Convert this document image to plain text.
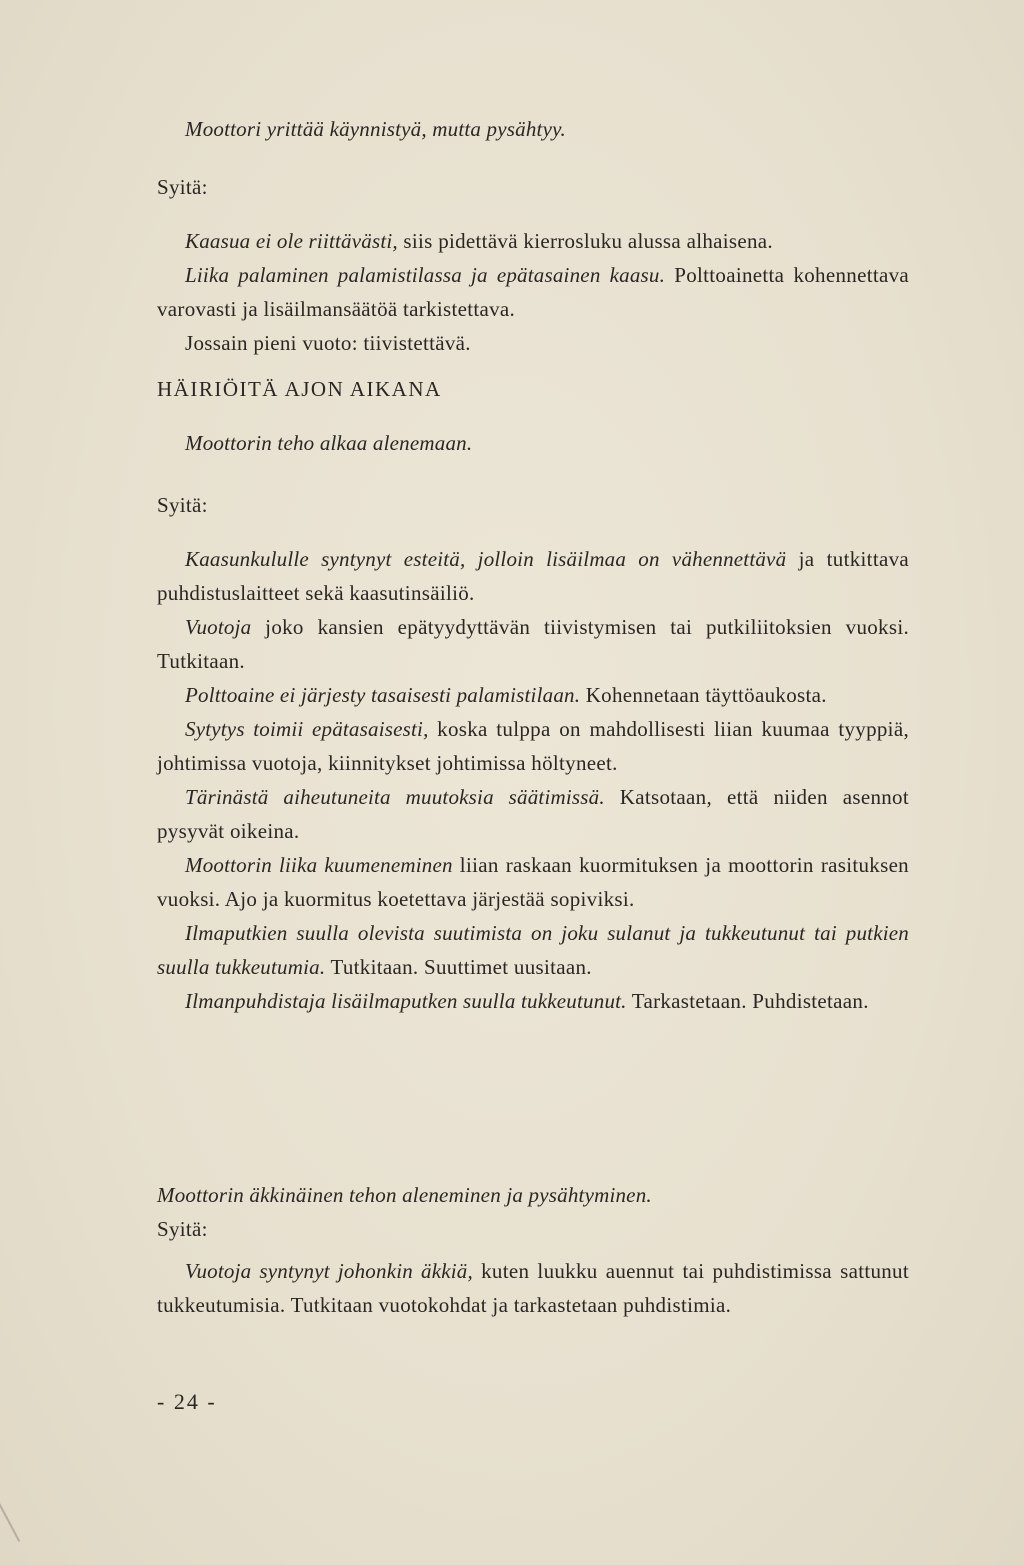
Moottori yrittää käynnistyä, mutta pysähtyy.
Syitä:
Kaasua ei ole riittävästi, siis pidettävä kierrosluku alussa alhaisena.
Liika palaminen palamistilassa ja epätasainen kaasu. Polttoainetta kohennettava varovasti ja lisäilmansäätöä tarkistettava.
Jossain pieni vuoto: tiivistettävä.
HÄIRIÖITÄ AJON AIKANA
Moottorin teho alkaa alenemaan.
Syitä:
Kaasunkululle syntynyt esteitä, jolloin lisäilmaa on vähennettävä ja tutkittava puhdistuslaitteet sekä kaasutinsäiliö.
Vuotoja joko kansien epätyydyttävän tiivistymisen tai putkiliitoksien vuoksi. Tutkitaan.
Polttoaine ei järjesty tasaisesti palamistilaan. Kohennetaan täyttöaukosta.
Sytytys toimii epätasaisesti, koska tulppa on mahdollisesti liian kuumaa tyyppiä, johtimissa vuotoja, kiinnitykset johtimissa höltyneet.
Tärinästä aiheutuneita muutoksia säätimissä. Katsotaan, että niiden asennot pysyvät oikeina.
Moottorin liika kuumeneminen liian raskaan kuormituksen ja moottorin rasituksen vuoksi. Ajo ja kuormitus koetettava järjestää sopiviksi.
Ilmaputkien suulla olevista suutimista on joku sulanut ja tukkeutunut tai putkien suulla tukkeutumia. Tutkitaan. Suuttimet uusitaan.
Ilmanpuhdistaja lisäilmaputken suulla tukkeutunut. Tarkastetaan. Puhdistetaan.
Moottorin äkkinäinen tehon aleneminen ja pysähtyminen.
Syitä:
Vuotoja syntynyt johonkin äkkiä, kuten luukku auennut tai puhdistimissa sattunut tukkeutumisia. Tutkitaan vuotokohdat ja tarkastetaan puhdistimia.
- 24 -
